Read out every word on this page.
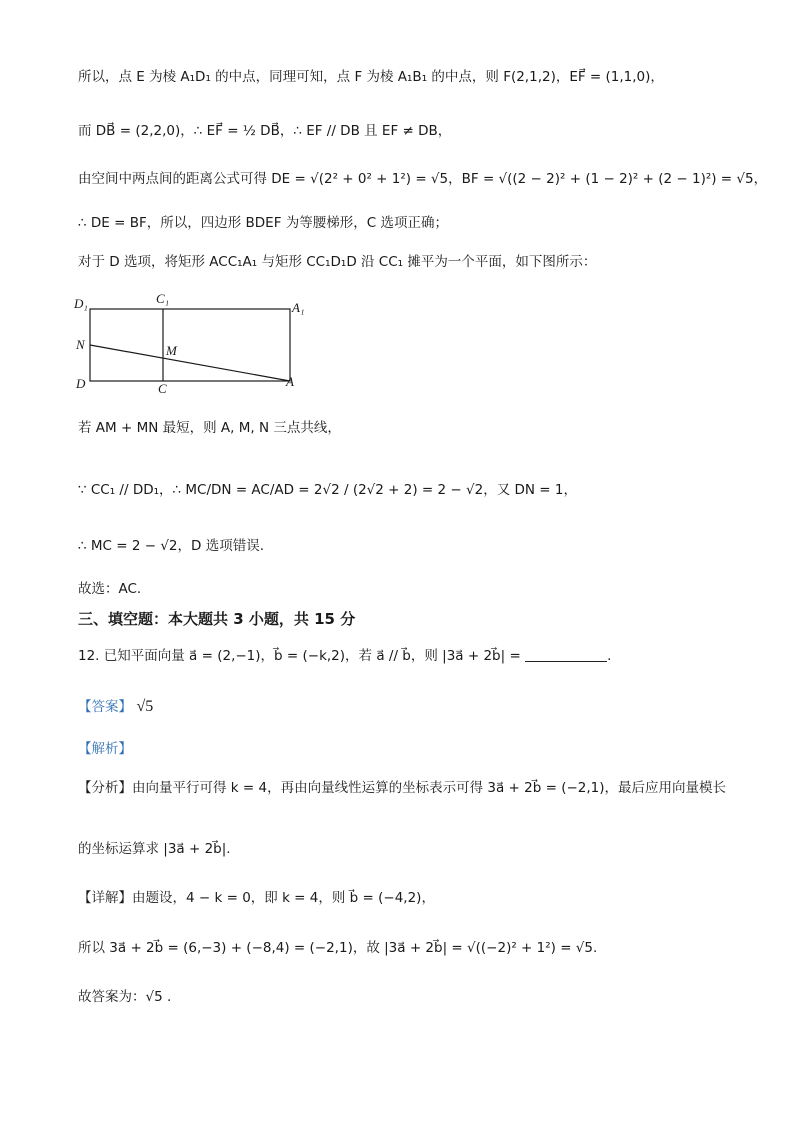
所以，点 E 为棱 A₁D₁ 的中点，同理可知，点 F 为棱 A₁B₁ 的中点，则 F(2,1,2)，EF⃗ = (1,1,0)，
而 DB⃗ = (2,2,0)，∴ EF⃗ = ½ DB⃗，∴ EF // DB 且 EF ≠ DB，
由空间中两点间的距离公式可得 DE = √(2² + 0² + 1²) = √5，BF = √((2 − 2)² + (1 − 2)² + (2 − 1)²) = √5，
∴ DE = BF，所以，四边形 BDEF 为等腰梯形，C 选项正确；
对于 D 选项，将矩形 ACC₁A₁ 与矩形 CC₁D₁D 沿 CC₁ 摊平为一个平面，如下图所示：
D₁	C₁
A₁
N	M
D	C	A
若 AM + MN 最短，则 A, M, N 三点共线，
∵ CC₁ // DD₁，∴ MC/DN = AC/AD = 2√2 / (2√2 + 2) = 2 − √2，又 DN = 1，
∴ MC = 2 − √2，D 选项错误.
故选：AC.
三、填空题：本大题共 3 小题，共 15 分
12. 已知平面向量 a⃗ = (2,−1)，b⃗ = (−k,2)，若 a⃗ // b⃗，则 |3a⃗ + 2b⃗| =	.
【答案】 √5
【解析】
【分析】由向量平行可得 k = 4，再由向量线性运算的坐标表示可得 3a⃗ + 2b⃗ = (−2,1)，最后应用向量模长
的坐标运算求 |3a⃗ + 2b⃗|.
【详解】由题设，4 − k = 0，即 k = 4，则 b⃗ = (−4,2)，
所以 3a⃗ + 2b⃗ = (6,−3) + (−8,4) = (−2,1)，故 |3a⃗ + 2b⃗| = √((−2)² + 1²) = √5.
故答案为：√5 .
